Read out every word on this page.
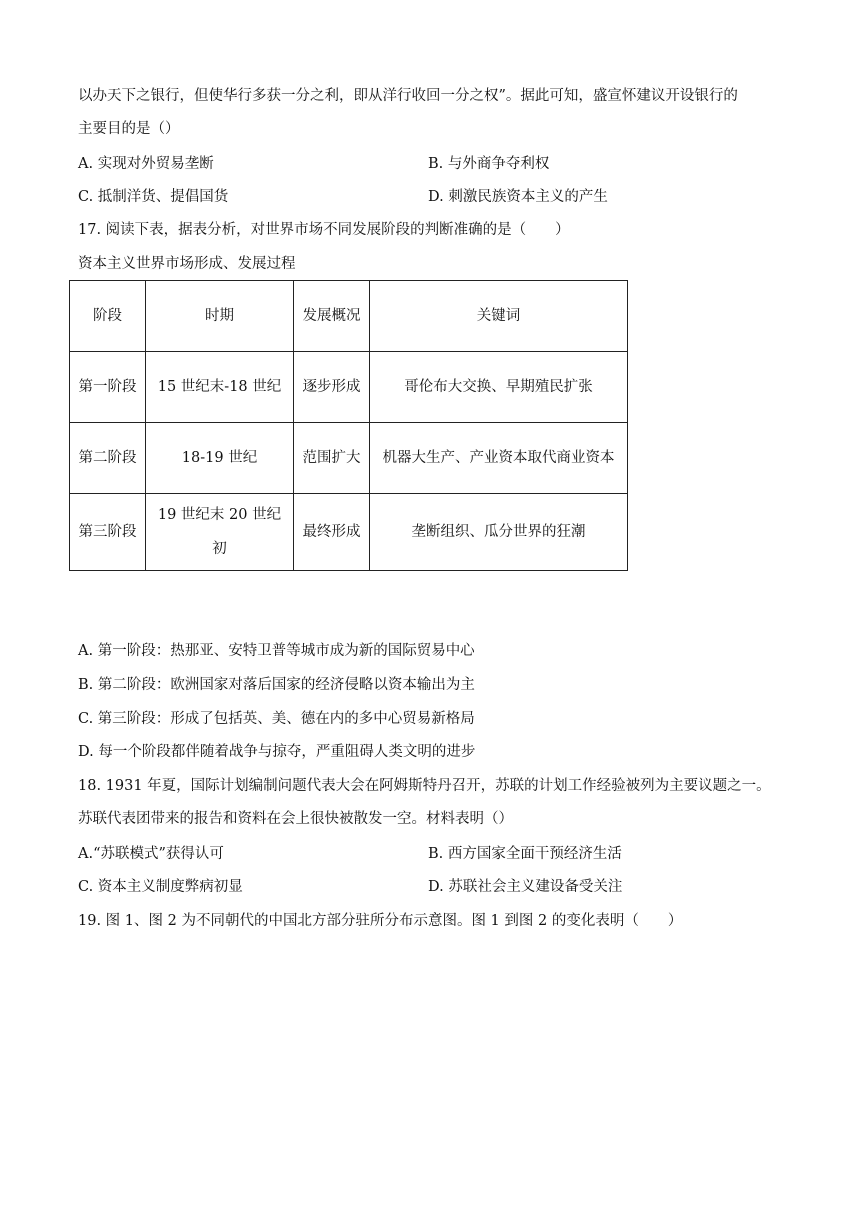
以办天下之银行，但使华行多获一分之利，即从洋行收回一分之权”。据此可知，盛宣怀建议开设银行的
主要目的是（）
A. 实现对外贸易垄断	B. 与外商争夺利权
C. 抵制洋货、提倡国货	D. 刺激民族资本主义的产生
17. 阅读下表，据表分析，对世界市场不同发展阶段的判断准确的是（　　）
资本主义世界市场形成、发展过程
阶段	时期	发展概况	关键词
第一阶段	15 世纪末-18 世纪	逐步形成	哥伦布大交换、早期殖民扩张
第二阶段	18-19 世纪	范围扩大	机器大生产、产业资本取代商业资本
第三阶段	19 世纪末 20 世纪初	最终形成	垄断组织、瓜分世界的狂潮
A. 第一阶段：热那亚、安特卫普等城市成为新的国际贸易中心
B. 第二阶段：欧洲国家对落后国家的经济侵略以资本输出为主
C. 第三阶段：形成了包括英、美、德在内的多中心贸易新格局
D. 每一个阶段都伴随着战争与掠夺，严重阻碍人类文明的进步
18. 1931 年夏，国际计划编制问题代表大会在阿姆斯特丹召开，苏联的计划工作经验被列为主要议题之一。
苏联代表团带来的报告和资料在会上很快被散发一空。材料表明（）
A.“苏联模式”获得认可	B. 西方国家全面干预经济生活
C. 资本主义制度弊病初显	D. 苏联社会主义建设备受关注
19. 图 1、图 2 为不同朝代的中国北方部分驻所分布示意图。图 1 到图 2 的变化表明（　　）
